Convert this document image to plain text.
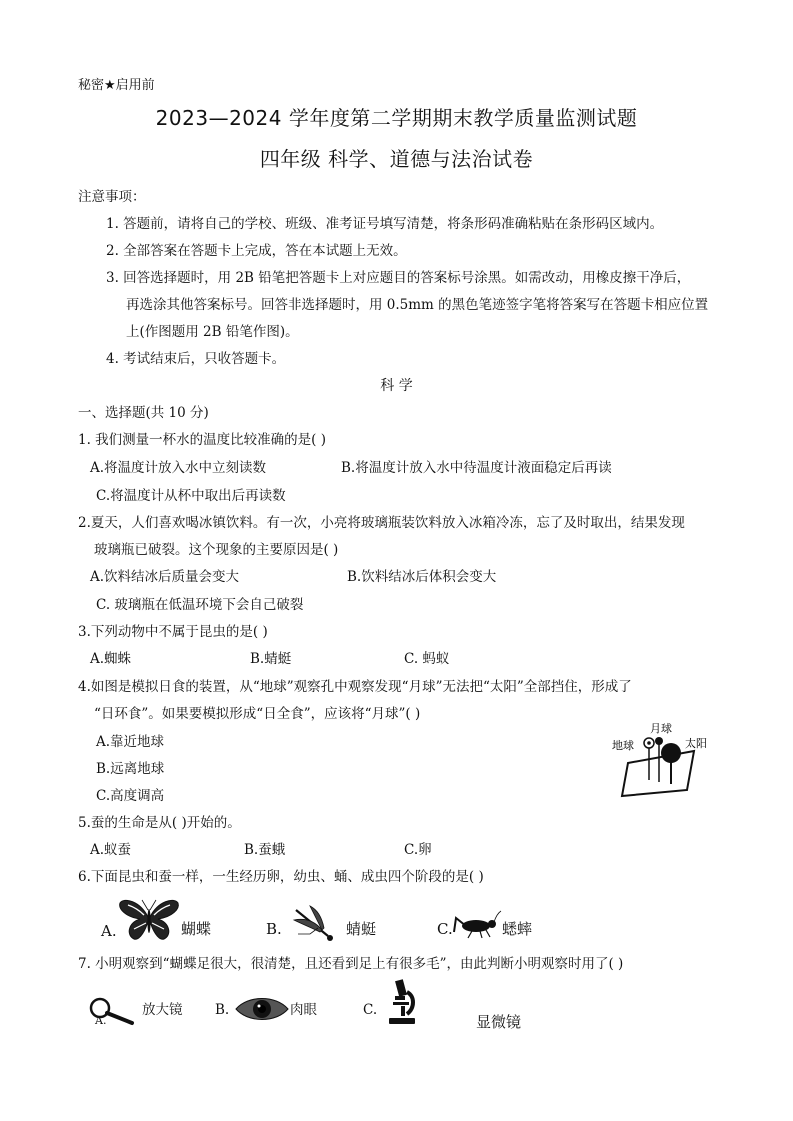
秘密★启用前
2023—2024 学年度第二学期期末教学质量监测试题
四年级 科学、道德与法治试卷
注意事项：
1. 答题前，请将自己的学校、班级、准考证号填写清楚，将条形码准确粘贴在条形码区域内。
2. 全部答案在答题卡上完成，答在本试题上无效。
3. 回答选择题时，用 2B 铅笔把答题卡上对应题目的答案标号涂黑。如需改动，用橡皮擦干净后，
再选涂其他答案标号。回答非选择题时，用 0.5mm 的黑色笔迹签字笔将答案写在答题卡相应位置
上(作图题用 2B 铅笔作图)。
4. 考试结束后，只收答题卡。
科 学
一、选择题(共 10 分)
1. 我们测量一杯水的温度比较准确的是( )
A.将温度计放入水中立刻读数	B.将温度计放入水中待温度计液面稳定后再读
C.将温度计从杯中取出后再读数
2.夏天，人们喜欢喝冰镇饮料。有一次，小亮将玻璃瓶装饮料放入冰箱冷冻，忘了及时取出，结果发现
玻璃瓶已破裂。这个现象的主要原因是( )
A.饮料结冰后质量会变大	B.饮料结冰后体积会变大
C. 玻璃瓶在低温环境下会自己破裂
3.下列动物中不属于昆虫的是( )
A.蜘蛛	B.蜻蜓	C. 蚂蚁
4.如图是模拟日食的装置，从“地球”观察孔中观察发现“月球”无法把“太阳”全部挡住，形成了
“日环食”。如果要模拟形成“日全食”，应该将“月球”( )
A.靠近地球
B.远离地球
C.高度调高
月球
地球	太阳
5.蚕的生命是从( )开始的。
A.蚁蚕	B.蚕蛾	C.卵
6.下面昆虫和蚕一样，一生经历卵，幼虫、蛹、成虫四个阶段的是( )
A.	蝴蝶	B.	蜻蜓	C.	蟋蟀
7. 小明观察到“蝴蝶足很大，很清楚，且还看到足上有很多毛”，由此判断小明观察时用了( )
A.
放大镜 B.	肉眼	C.
显微镜
